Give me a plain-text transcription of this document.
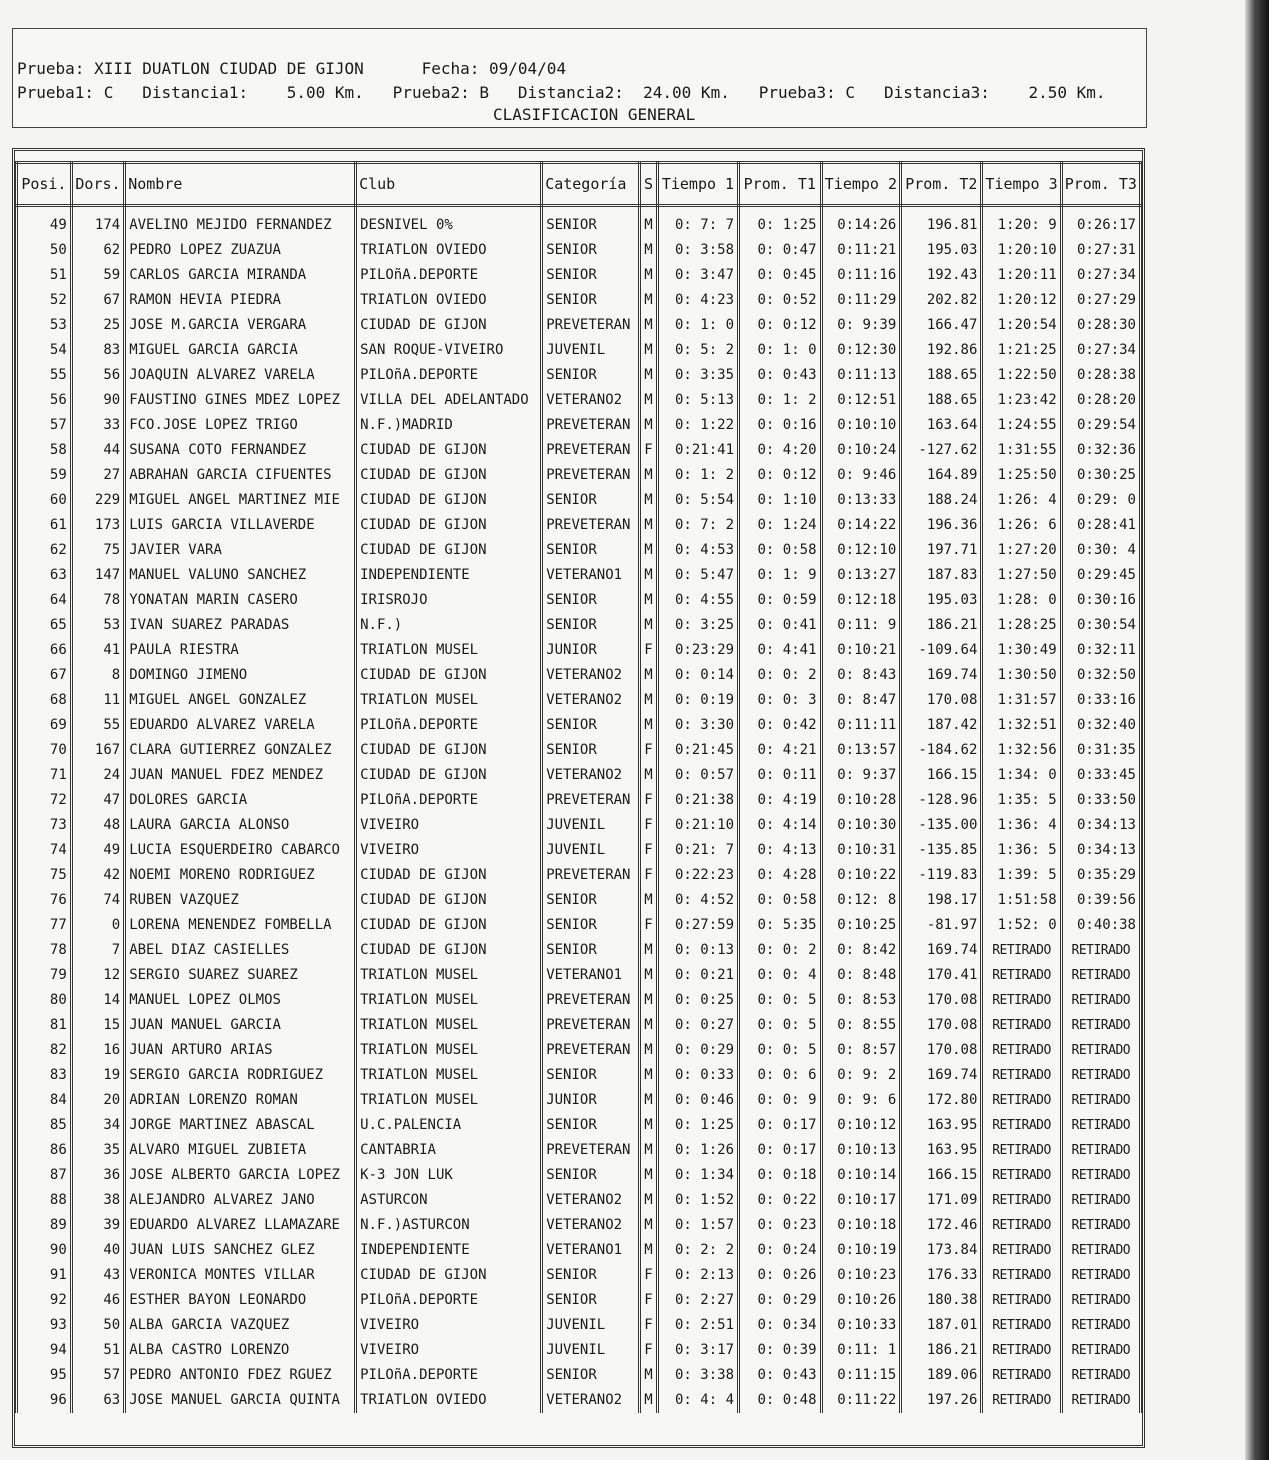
Prueba: XIII DUATLON CIUDAD DE GIJON      Fecha: 09/04/04
Prueba1: C   Distancia1:    5.00 Km.   Prueba2: B   Distancia2:  24.00 Km.   Prueba3: C   Distancia3:    2.50 Km.
CLASIFICACION GENERAL
Posi.	Dors.	Nombre	Club	Categoría	S	Tiempo 1	Prom. T1	Tiempo 2	Prom. T2	Tiempo 3	Prom. T3
49	174	AVELINO MEJIDO FERNANDEZ	DESNIVEL 0%	SENIOR	M	0: 7: 7	0: 1:25	0:14:26	196.81	1:20: 9	0:26:17
50	62	PEDRO LOPEZ ZUAZUA	TRIATLON OVIEDO	SENIOR	M	0: 3:58	0: 0:47	0:11:21	195.03	1:20:10	0:27:31
51	59	CARLOS GARCIA MIRANDA	PILOñA.DEPORTE	SENIOR	M	0: 3:47	0: 0:45	0:11:16	192.43	1:20:11	0:27:34
52	67	RAMON HEVIA PIEDRA	TRIATLON OVIEDO	SENIOR	M	0: 4:23	0: 0:52	0:11:29	202.82	1:20:12	0:27:29
53	25	JOSE M.GARCIA VERGARA	CIUDAD DE GIJON	PREVETERAN	M	0: 1: 0	0: 0:12	0: 9:39	166.47	1:20:54	0:28:30
54	83	MIGUEL GARCIA GARCIA	SAN ROQUE-VIVEIRO	JUVENIL	M	0: 5: 2	0: 1: 0	0:12:30	192.86	1:21:25	0:27:34
55	56	JOAQUIN ALVAREZ VARELA	PILOñA.DEPORTE	SENIOR	M	0: 3:35	0: 0:43	0:11:13	188.65	1:22:50	0:28:38
56	90	FAUSTINO GINES MDEZ LOPEZ	VILLA DEL ADELANTADO	VETERANO2	M	0: 5:13	0: 1: 2	0:12:51	188.65	1:23:42	0:28:20
57	33	FCO.JOSE LOPEZ TRIGO	N.F.)MADRID	PREVETERAN	M	0: 1:22	0: 0:16	0:10:10	163.64	1:24:55	0:29:54
58	44	SUSANA COTO FERNANDEZ	CIUDAD DE GIJON	PREVETERAN	F	0:21:41	0: 4:20	0:10:24	-127.62	1:31:55	0:32:36
59	27	ABRAHAN GARCIA CIFUENTES	CIUDAD DE GIJON	PREVETERAN	M	0: 1: 2	0: 0:12	0: 9:46	164.89	1:25:50	0:30:25
60	229	MIGUEL ANGEL MARTINEZ MIE	CIUDAD DE GIJON	SENIOR	M	0: 5:54	0: 1:10	0:13:33	188.24	1:26: 4	0:29: 0
61	173	LUIS GARCIA VILLAVERDE	CIUDAD DE GIJON	PREVETERAN	M	0: 7: 2	0: 1:24	0:14:22	196.36	1:26: 6	0:28:41
62	75	JAVIER VARA	CIUDAD DE GIJON	SENIOR	M	0: 4:53	0: 0:58	0:12:10	197.71	1:27:20	0:30: 4
63	147	MANUEL VALUNO SANCHEZ	INDEPENDIENTE	VETERANO1	M	0: 5:47	0: 1: 9	0:13:27	187.83	1:27:50	0:29:45
64	78	YONATAN MARIN CASERO	IRISROJO	SENIOR	M	0: 4:55	0: 0:59	0:12:18	195.03	1:28: 0	0:30:16
65	53	IVAN SUAREZ PARADAS	N.F.)	SENIOR	M	0: 3:25	0: 0:41	0:11: 9	186.21	1:28:25	0:30:54
66	41	PAULA RIESTRA	TRIATLON MUSEL	JUNIOR	F	0:23:29	0: 4:41	0:10:21	-109.64	1:30:49	0:32:11
67	8	DOMINGO JIMENO	CIUDAD DE GIJON	VETERANO2	M	0: 0:14	0: 0: 2	0: 8:43	169.74	1:30:50	0:32:50
68	11	MIGUEL ANGEL GONZALEZ	TRIATLON MUSEL	VETERANO2	M	0: 0:19	0: 0: 3	0: 8:47	170.08	1:31:57	0:33:16
69	55	EDUARDO ALVAREZ VARELA	PILOñA.DEPORTE	SENIOR	M	0: 3:30	0: 0:42	0:11:11	187.42	1:32:51	0:32:40
70	167	CLARA GUTIERREZ GONZALEZ	CIUDAD DE GIJON	SENIOR	F	0:21:45	0: 4:21	0:13:57	-184.62	1:32:56	0:31:35
71	24	JUAN MANUEL FDEZ MENDEZ	CIUDAD DE GIJON	VETERANO2	M	0: 0:57	0: 0:11	0: 9:37	166.15	1:34: 0	0:33:45
72	47	DOLORES GARCIA	PILOñA.DEPORTE	PREVETERAN	F	0:21:38	0: 4:19	0:10:28	-128.96	1:35: 5	0:33:50
73	48	LAURA GARCIA ALONSO	VIVEIRO	JUVENIL	F	0:21:10	0: 4:14	0:10:30	-135.00	1:36: 4	0:34:13
74	49	LUCIA ESQUERDEIRO CABARCO	VIVEIRO	JUVENIL	F	0:21: 7	0: 4:13	0:10:31	-135.85	1:36: 5	0:34:13
75	42	NOEMI MORENO RODRIGUEZ	CIUDAD DE GIJON	PREVETERAN	F	0:22:23	0: 4:28	0:10:22	-119.83	1:39: 5	0:35:29
76	74	RUBEN VAZQUEZ	CIUDAD DE GIJON	SENIOR	M	0: 4:52	0: 0:58	0:12: 8	198.17	1:51:58	0:39:56
77	0	LORENA MENENDEZ FOMBELLA	CIUDAD DE GIJON	SENIOR	F	0:27:59	0: 5:35	0:10:25	-81.97	1:52: 0	0:40:38
78	7	ABEL DIAZ CASIELLES	CIUDAD DE GIJON	SENIOR	M	0: 0:13	0: 0: 2	0: 8:42	169.74	RETIRADO	RETIRADO
79	12	SERGIO SUAREZ SUAREZ	TRIATLON MUSEL	VETERANO1	M	0: 0:21	0: 0: 4	0: 8:48	170.41	RETIRADO	RETIRADO
80	14	MANUEL LOPEZ OLMOS	TRIATLON MUSEL	PREVETERAN	M	0: 0:25	0: 0: 5	0: 8:53	170.08	RETIRADO	RETIRADO
81	15	JUAN MANUEL GARCIA	TRIATLON MUSEL	PREVETERAN	M	0: 0:27	0: 0: 5	0: 8:55	170.08	RETIRADO	RETIRADO
82	16	JUAN ARTURO ARIAS	TRIATLON MUSEL	PREVETERAN	M	0: 0:29	0: 0: 5	0: 8:57	170.08	RETIRADO	RETIRADO
83	19	SERGIO GARCIA RODRIGUEZ	TRIATLON MUSEL	SENIOR	M	0: 0:33	0: 0: 6	0: 9: 2	169.74	RETIRADO	RETIRADO
84	20	ADRIAN LORENZO ROMAN	TRIATLON MUSEL	JUNIOR	M	0: 0:46	0: 0: 9	0: 9: 6	172.80	RETIRADO	RETIRADO
85	34	JORGE MARTINEZ ABASCAL	U.C.PALENCIA	SENIOR	M	0: 1:25	0: 0:17	0:10:12	163.95	RETIRADO	RETIRADO
86	35	ALVARO MIGUEL ZUBIETA	CANTABRIA	PREVETERAN	M	0: 1:26	0: 0:17	0:10:13	163.95	RETIRADO	RETIRADO
87	36	JOSE ALBERTO GARCIA LOPEZ	K-3 JON LUK	SENIOR	M	0: 1:34	0: 0:18	0:10:14	166.15	RETIRADO	RETIRADO
88	38	ALEJANDRO ALVAREZ JANO	ASTURCON	VETERANO2	M	0: 1:52	0: 0:22	0:10:17	171.09	RETIRADO	RETIRADO
89	39	EDUARDO ALVAREZ LLAMAZARE	N.F.)ASTURCON	VETERANO2	M	0: 1:57	0: 0:23	0:10:18	172.46	RETIRADO	RETIRADO
90	40	JUAN LUIS SANCHEZ GLEZ	INDEPENDIENTE	VETERANO1	M	0: 2: 2	0: 0:24	0:10:19	173.84	RETIRADO	RETIRADO
91	43	VERONICA MONTES VILLAR	CIUDAD DE GIJON	SENIOR	F	0: 2:13	0: 0:26	0:10:23	176.33	RETIRADO	RETIRADO
92	46	ESTHER BAYON LEONARDO	PILOñA.DEPORTE	SENIOR	F	0: 2:27	0: 0:29	0:10:26	180.38	RETIRADO	RETIRADO
93	50	ALBA GARCIA VAZQUEZ	VIVEIRO	JUVENIL	F	0: 2:51	0: 0:34	0:10:33	187.01	RETIRADO	RETIRADO
94	51	ALBA CASTRO LORENZO	VIVEIRO	JUVENIL	F	0: 3:17	0: 0:39	0:11: 1	186.21	RETIRADO	RETIRADO
95	57	PEDRO ANTONIO FDEZ RGUEZ	PILOñA.DEPORTE	SENIOR	M	0: 3:38	0: 0:43	0:11:15	189.06	RETIRADO	RETIRADO
96	63	JOSE MANUEL GARCIA QUINTA	TRIATLON OVIEDO	VETERANO2	M	0: 4: 4	0: 0:48	0:11:22	197.26	RETIRADO	RETIRADO
